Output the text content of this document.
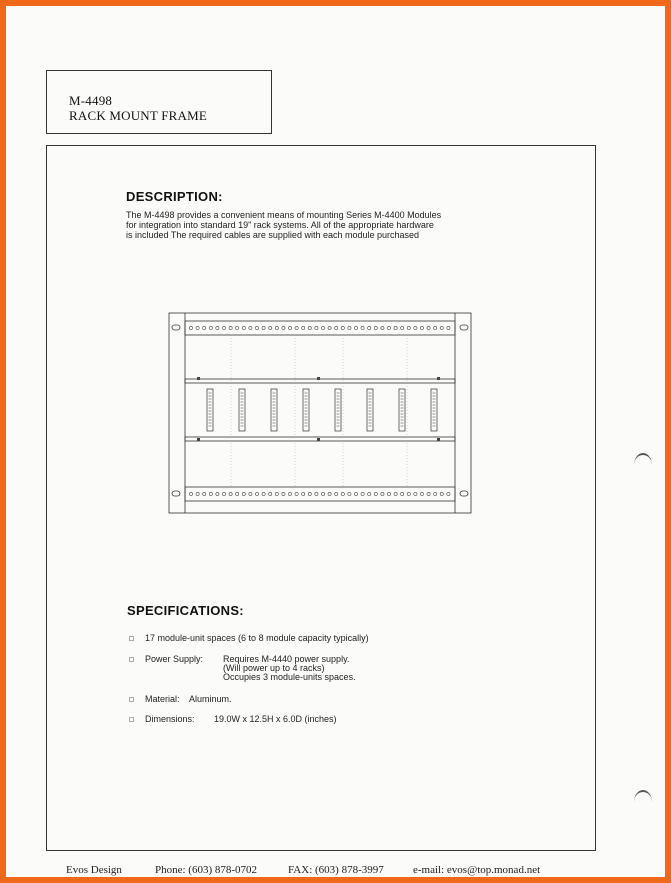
M-4498
RACK MOUNT FRAME
DESCRIPTION:
The M-4498 provides a convenient means of mounting Series M-4400 Modules
for integration into standard 19" rack systems. All of the appropriate hardware
is included The required cables are supplied with each module purchased
SPECIFICATIONS:
17 module-unit spaces (6 to 8 module capacity typically)
Power Supply: Requires M-4440 power supply.
(Will power up to 4 racks)
Occupies 3 module-units spaces.
Material: Aluminum.
Dimensions: 19.0W x 12.5H x 6.0D (inches)
Evos Design	Phone: (603) 878-0702	FAX: (603) 878-3997	e-mail: evos@top.monad.net
